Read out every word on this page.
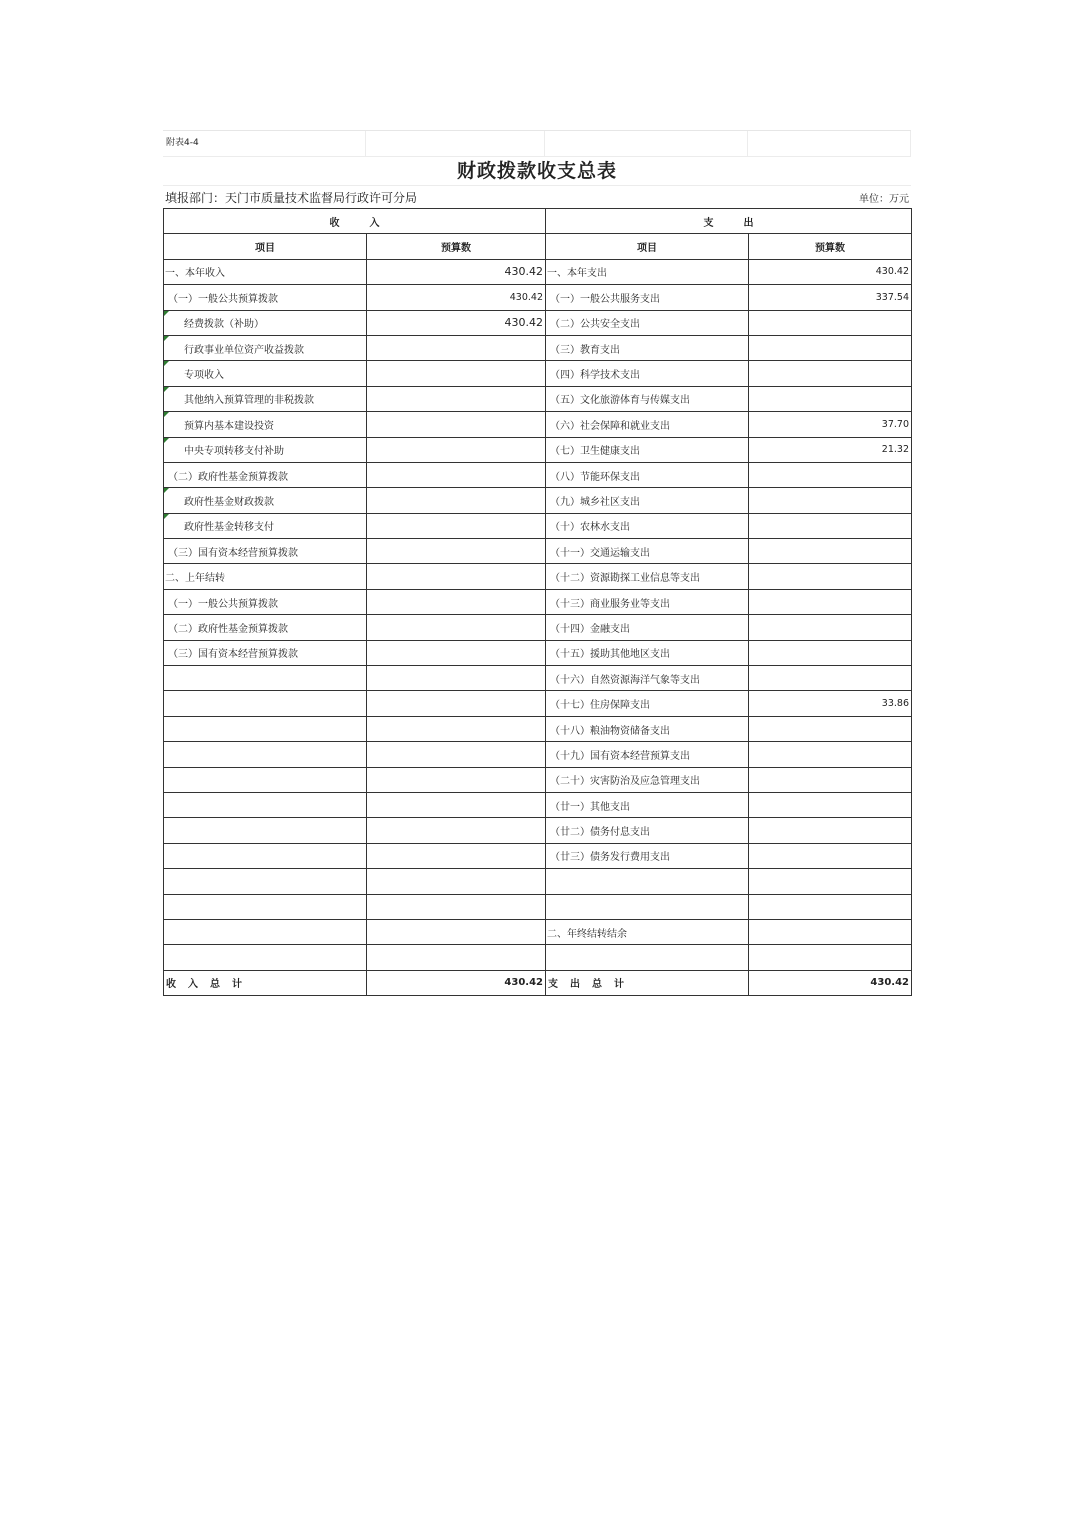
附表4-4
财政拨款收支总表
填报部门：天门市质量技术监督局行政许可分局	单位：万元
收　　　入		支　　　出	
项目	预算数	项目	预算数
一、本年收入	430.42	一、本年支出	430.42
（一）一般公共预算拨款	430.42	（一）一般公共服务支出	337.54
经费拨款（补助）	430.42	（二）公共安全支出	
行政事业单位资产收益拨款		（三）教育支出	
专项收入		（四）科学技术支出	
其他纳入预算管理的非税拨款		（五）文化旅游体育与传媒支出	
预算内基本建设投资		（六）社会保障和就业支出	37.70
中央专项转移支付补助		（七）卫生健康支出	21.32
（二）政府性基金预算拨款		（八）节能环保支出	
政府性基金财政拨款		（九）城乡社区支出	
政府性基金转移支付		（十）农林水支出	
（三）国有资本经营预算拨款		（十一）交通运输支出	
二、上年结转		（十二）资源勘探工业信息等支出	
（一）一般公共预算拨款		（十三）商业服务业等支出	
（二）政府性基金预算拨款		（十四）金融支出	
（三）国有资本经营预算拨款		（十五）援助其他地区支出	
		（十六）自然资源海洋气象等支出	
		（十七）住房保障支出	33.86
		（十八）粮油物资储备支出	
		（十九）国有资本经营预算支出	
		（二十）灾害防治及应急管理支出	
		（廿一）其他支出	
		（廿二）债务付息支出	
		（廿三）债务发行费用支出	

		二、年终结转结余	

收　入　总　计	430.42	支　出　总　计	430.42
